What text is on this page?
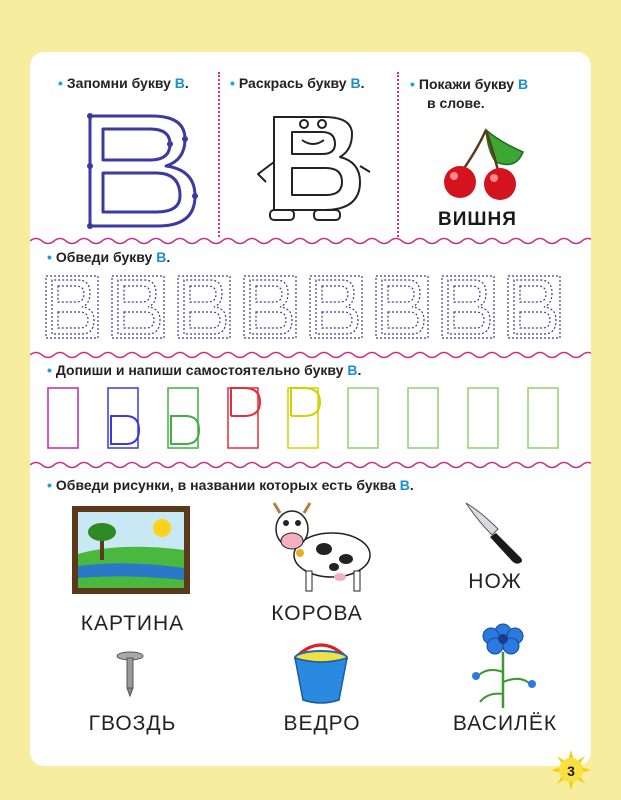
• Запомни букву В.	• Раскрась букву В.	• Покажи букву В
в слове.
ВИШНЯ
• Обведи букву В.
• Допиши и напиши самостоятельно букву В.
• Обведи рисунки, в названии которых есть буква В.
КАРТИНА	КОРОВА
НОЖ
ГВОЗДЬ	ВЕДРО	ВАСИЛЁК
3
